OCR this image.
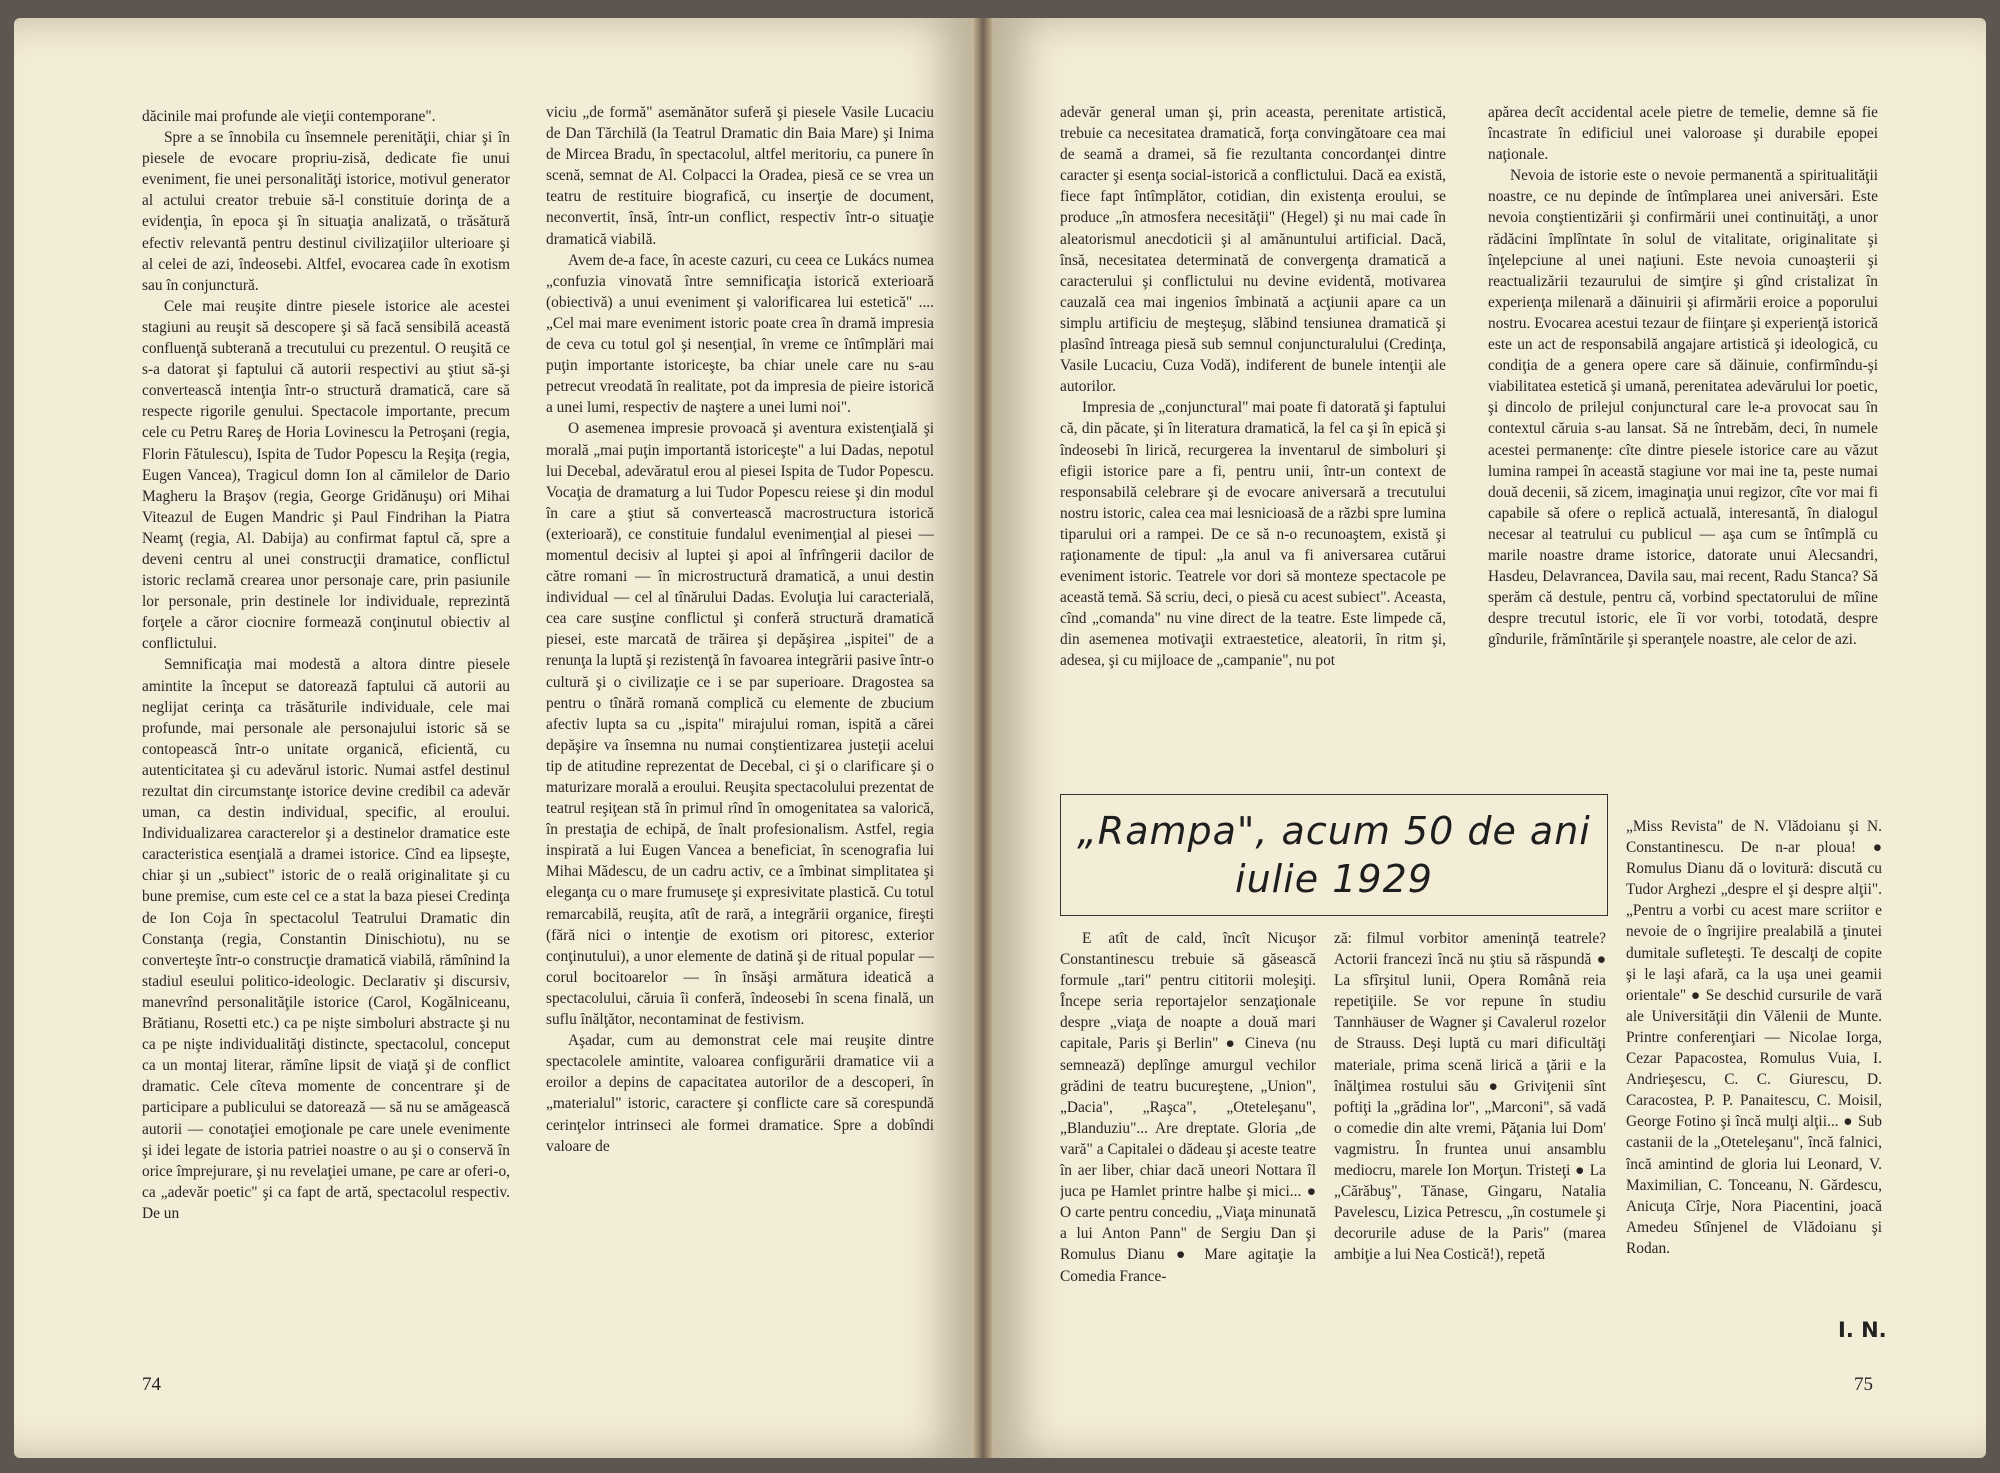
dăcinile mai profunde ale vieţii contemporane".

Spre a se înnobila cu însemnele perenităţii, chiar şi în piesele de evocare propriu-zisă, dedicate fie unui eveniment, fie unei personalităţi istorice, motivul generator al actului creator trebuie să-l constituie dorinţa de a evidenţia, în epoca şi în situaţia analizată, o trăsătură efectiv relevantă pentru destinul civilizaţiilor ulterioare şi al celei de azi, îndeosebi. Altfel, evocarea cade în exotism sau în conjunctură.

Cele mai reuşite dintre piesele istorice ale acestei stagiuni au reuşit să descopere şi să facă sensibilă această confluenţă subterană a trecutului cu prezentul. O reuşită ce s-a datorat şi faptului că autorii respectivi au ştiut să-şi convertească intenţia într-o structură dramatică, care să respecte rigorile genului. Spectacole importante, precum cele cu Petru Rareş de Horia Lovinescu la Petroşani (regia, Florin Fătulescu), Ispita de Tudor Popescu la Reşiţa (regia, Eugen Vancea), Tragicul domn Ion al cămilelor de Dario Magheru la Braşov (regia, George Gridănuşu) ori Mihai Viteazul de Eugen Mandric şi Paul Findrihan la Piatra Neamţ (regia, Al. Dabija) au confirmat faptul că, spre a deveni centru al unei construcţii dramatice, conflictul istoric reclamă crearea unor personaje care, prin pasiunile lor personale, prin destinele lor individuale, reprezintă forţele a căror ciocnire formează conţinutul obiectiv al conflictului.

Semnificaţia mai modestă a altora dintre piesele amintite la început se datorează faptului că autorii au neglijat cerinţa ca trăsăturile individuale, cele mai profunde, mai personale ale personajului istoric să se contopească într-o unitate organică, eficientă, cu autenticitatea şi cu adevărul istoric. Numai astfel destinul rezultat din circumstanţe istorice devine credibil ca adevăr uman, ca destin individual, specific, al eroului. Individualizarea caracterelor şi a destinelor dramatice este caracteristica esenţială a dramei istorice. Cînd ea lipseşte, chiar şi un „subiect" istoric de o reală originalitate şi cu bune premise, cum este cel ce a stat la baza piesei Credinţa de Ion Coja în spectacolul Teatrului Dramatic din Constanţa (regia, Constantin Dinischiotu), nu se converteşte într-o construcţie dramatică viabilă, rămînind la stadiul eseului politico-ideologic. Declarativ şi discursiv, manevrînd personalităţile istorice (Carol, Kogălniceanu, Brătianu, Rosetti etc.) ca pe nişte simboluri abstracte şi nu ca pe nişte individualităţi distincte, spectacolul, conceput ca un montaj literar, rămîne lipsit de viaţă şi de conflict dramatic. Cele cîteva momente de concentrare şi de participare a publicului se datorează — să nu se amăgească autorii — conotaţiei emoţionale pe care unele evenimente şi idei legate de istoria patriei noastre o au şi o conservă în orice împrejurare, şi nu revelaţiei umane, pe care ar oferi-o, ca „adevăr poetic" şi ca fapt de artă, spectacolul respectiv. De un

viciu „de formă" asemănător suferă şi piesele Vasile Lucaciu de Dan Tărchilă (la Teatrul Dramatic din Baia Mare) şi Inima de Mircea Bradu, în spectacolul, altfel meritoriu, ca punere în scenă, semnat de Al. Colpacci la Oradea, piesă ce se vrea un teatru de restituire biografică, cu inserţie de document, neconvertit, însă, într-un conflict, respectiv într-o situaţie dramatică viabilă.

Avem de-a face, în aceste cazuri, cu ceea ce Lukács numea „confuzia vinovată între semnificaţia istorică exterioară (obiectivă) a unui eveniment şi valorificarea lui estetică" ....„Cel mai mare eveniment istoric poate crea în dramă impresia de ceva cu totul gol şi nesenţial, în vreme ce întîmplări mai puţin importante istoriceşte, ba chiar unele care nu s-au petrecut vreodată în realitate, pot da impresia de pieire istorică a unei lumi, respectiv de naştere a unei lumi noi".

O asemenea impresie provoacă şi aventura existenţială şi morală „mai puţin importantă istoriceşte" a lui Dadas, nepotul lui Decebal, adevăratul erou al piesei Ispita de Tudor Popescu. Vocaţia de dramaturg a lui Tudor Popescu reiese şi din modul în care a ştiut să convertească macrostructura istorică (exterioară), ce constituie fundalul evenimenţial al piesei — momentul decisiv al luptei şi apoi al înfrîngerii dacilor de către romani — în microstructură dramatică, a unui destin individual — cel al tînărului Dadas. Evoluţia lui caracterială, cea care susţine conflictul şi conferă structură dramatică piesei, este marcată de trăirea şi depăşirea „ispitei" de a renunţa la luptă şi rezistenţă în favoarea integrării pasive într-o cultură şi o civilizaţie ce i se par superioare. Dragostea sa pentru o tînără romană complică cu elemente de zbucium afectiv lupta sa cu „ispita" mirajului roman, ispită a cărei depăşire va însemna nu numai conştientizarea justeţii acelui tip de atitudine reprezentat de Decebal, ci şi o clarificare şi o maturizare morală a eroului. Reuşita spectacolului prezentat de teatrul reşiţean stă în primul rînd în omogenitatea sa valorică, în prestaţia de echipă, de înalt profesionalism. Astfel, regia inspirată a lui Eugen Vancea a beneficiat, în scenografia lui Mihai Mădescu, de un cadru activ, ce a îmbinat simplitatea şi eleganţa cu o mare frumuseţe şi expresivitate plastică. Cu totul remarcabilă, reuşita, atît de rară, a integrării organice, fireşti (fără nici o intenţie de exotism ori pitoresc, exterior conţinutului), a unor elemente de datină şi de ritual popular — corul bocitoarelor — în însăşi armătura ideatică a spectacolului, căruia îi conferă, îndeosebi în scena finală, un suflu înălţător, necontaminat de festivism.

Aşadar, cum au demonstrat cele mai reuşite dintre spectacolele amintite, valoarea configurării dramatice vii a eroilor a depins de capacitatea autorilor de a descoperi, în „materialul" istoric, caractere şi conflicte care să corespundă cerinţelor intrinseci ale formei dramatice. Spre a dobîndi valoare de

74

adevăr general uman şi, prin aceasta, perenitate artistică, trebuie ca necesitatea dramatică, forţa convingătoare cea mai de seamă a dramei, să fie rezultanta concordanţei dintre caracter şi esenţa social-istorică a conflictului. Dacă ea există, fiece fapt întîmplător, cotidian, din existenţa eroului, se produce „în atmosfera necesităţii" (Hegel) şi nu mai cade în aleatorismul anecdoticii şi al amănuntului artificial. Dacă, însă, necesitatea determinată de convergenţa dramatică a caracterului şi conflictului nu devine evidentă, motivarea cauzală cea mai ingenios îmbinată a acţiunii apare ca un simplu artificiu de meşteşug, slăbind tensiunea dramatică şi plasînd întreaga piesă sub semnul conjuncturalului (Credinţa, Vasile Lucaciu, Cuza Vodă), indiferent de bunele intenţii ale autorilor.

Impresia de „conjunctural" mai poate fi datorată şi faptului că, din păcate, şi în literatura dramatică, la fel ca şi în epică şi îndeosebi în lirică, recurgerea la inventarul de simboluri şi efigii istorice pare a fi, pentru unii, într-un context de responsabilă celebrare şi de evocare aniversară a trecutului nostru istoric, calea cea mai lesnicioasă de a răzbi spre lumina tiparului ori a rampei. De ce să n-o recunoaştem, există şi raţionamente de tipul: „la anul va fi aniversarea cutărui eveniment istoric. Teatrele vor dori să monteze spectacole pe această temă. Să scriu, deci, o piesă cu acest subiect". Aceasta, cînd „comanda" nu vine direct de la teatre. Este limpede că, din asemenea motivaţii extraestetice, aleatorii, în ritm şi, adesea, şi cu mijloace de „campanie", nu pot

apărea decît accidental acele pietre de temelie, demne să fie încastrate în edificiul unei valoroase şi durabile epopei naţionale.

Nevoia de istorie este o nevoie permanentă a spiritualităţii noastre, ce nu depinde de întîmplarea unei aniversări. Este nevoia conştientizării şi confirmării unei continuităţi, a unor rădăcini împlîntate în solul de vitalitate, originalitate şi înţelepciune al unei naţiuni. Este nevoia cunoaşterii şi reactualizării tezaurului de simţire şi gînd cristalizat în experienţa milenară a dăinuirii şi afirmării eroice a poporului nostru. Evocarea acestui tezaur de fiinţare şi experienţă istorică este un act de responsabilă angajare artistică şi ideologică, cu condiţia de a genera opere care să dăinuie, confirmîndu-şi viabilitatea estetică şi umană, perenitatea adevărului lor poetic, şi dincolo de prilejul conjunctural care le-a provocat sau în contextul căruia s-au lansat. Să ne întrebăm, deci, în numele acestei permanenţe: cîte dintre piesele istorice care au văzut lumina rampei în această stagiune vor mai ine ta, peste numai două decenii, să zicem, imaginaţia unui regizor, cîte vor mai fi capabile să ofere o replică actuală, interesantă, în dialogul necesar al teatrului cu publicul — aşa cum se întîmplă cu marile noastre drame istorice, datorate unui Alecsandri, Hasdeu, Delavrancea, Davila sau, mai recent, Radu Stanca? Să sperăm că destule, pentru că, vorbind spectatorului de mîine despre trecutul istoric, ele îi vor vorbi, totodată, despre gîndurile, frămîntările şi speranţele noastre, ale celor de azi.

„Rampa", acum 50 de ani
iulie 1929

E atît de cald, încît Nicuşor Constantinescu trebuie să găsească formule „tari" pentru cititorii moleşiţi. Începe seria reportajelor senzaţionale despre „viaţa de noapte a două mari capitale, Paris şi Berlin" ● Cineva (nu semnează) deplînge amurgul vechilor grădini de teatru bucureştene, „Union", „Dacia", „Raşca", „Oteteleşanu", „Blanduziu"... Are dreptate. Gloria „de vară" a Capitalei o dădeau şi aceste teatre în aer liber, chiar dacă uneori Nottara îl juca pe Hamlet printre halbe şi mici... ● O carte pentru concediu, „Viaţa minunată a lui Anton Pann" de Sergiu Dan şi Romulus Dianu ● Mare agitaţie la Comedia France-

ză: filmul vorbitor ameninţă teatrele? Actorii francezi încă nu ştiu să răspundă ● La sfîrşitul lunii, Opera Română reia repetiţiile. Se vor repune în studiu Tannhäuser de Wagner şi Cavalerul rozelor de Strauss. Deşi luptă cu mari dificultăţi materiale, prima scenă lirică a ţării e la înălţimea rostului său ● Griviţenii sînt poftiţi la „grădina lor", „Marconi", să vadă o comedie din alte vremi, Păţania lui Dom' vagmistru. În fruntea unui ansamblu mediocru, marele Ion Morţun. Tristeţi ● La „Cărăbuş", Tănase, Gingaru, Natalia Pavelescu, Lizica Petrescu, „în costumele şi decorurile aduse de la Paris" (marea ambiţie a lui Nea Costică!), repetă

„Miss Revista" de N. Vlădoianu şi N. Constantinescu. De n-ar ploua! ● Romulus Dianu dă o lovitură: discută cu Tudor Arghezi „despre el şi despre alţii". „Pentru a vorbi cu acest mare scriitor e nevoie de o îngrijire prealabilă a ţinutei dumitale sufleteşti. Te descalţi de copite şi le laşi afară, ca la uşa unei geamii orientale" ● Se deschid cursurile de vară ale Universităţii din Vălenii de Munte. Printre conferenţiari — Nicolae Iorga, Cezar Papacostea, Romulus Vuia, I. Andrieşescu, C. C. Giurescu, D. Caracostea, P. P. Panaitescu, C. Moisil, George Fotino şi încă mulţi alţii... ● Sub castanii de la „Oteteleşanu", încă falnici, încă amintind de gloria lui Leonard, V. Maximilian, C. Tonceanu, N. Gărdescu, Anicuţa Cîrje, Nora Piacentini, joacă Amedeu Stînjenel de Vlădoianu şi Rodan.

I. N.
75
